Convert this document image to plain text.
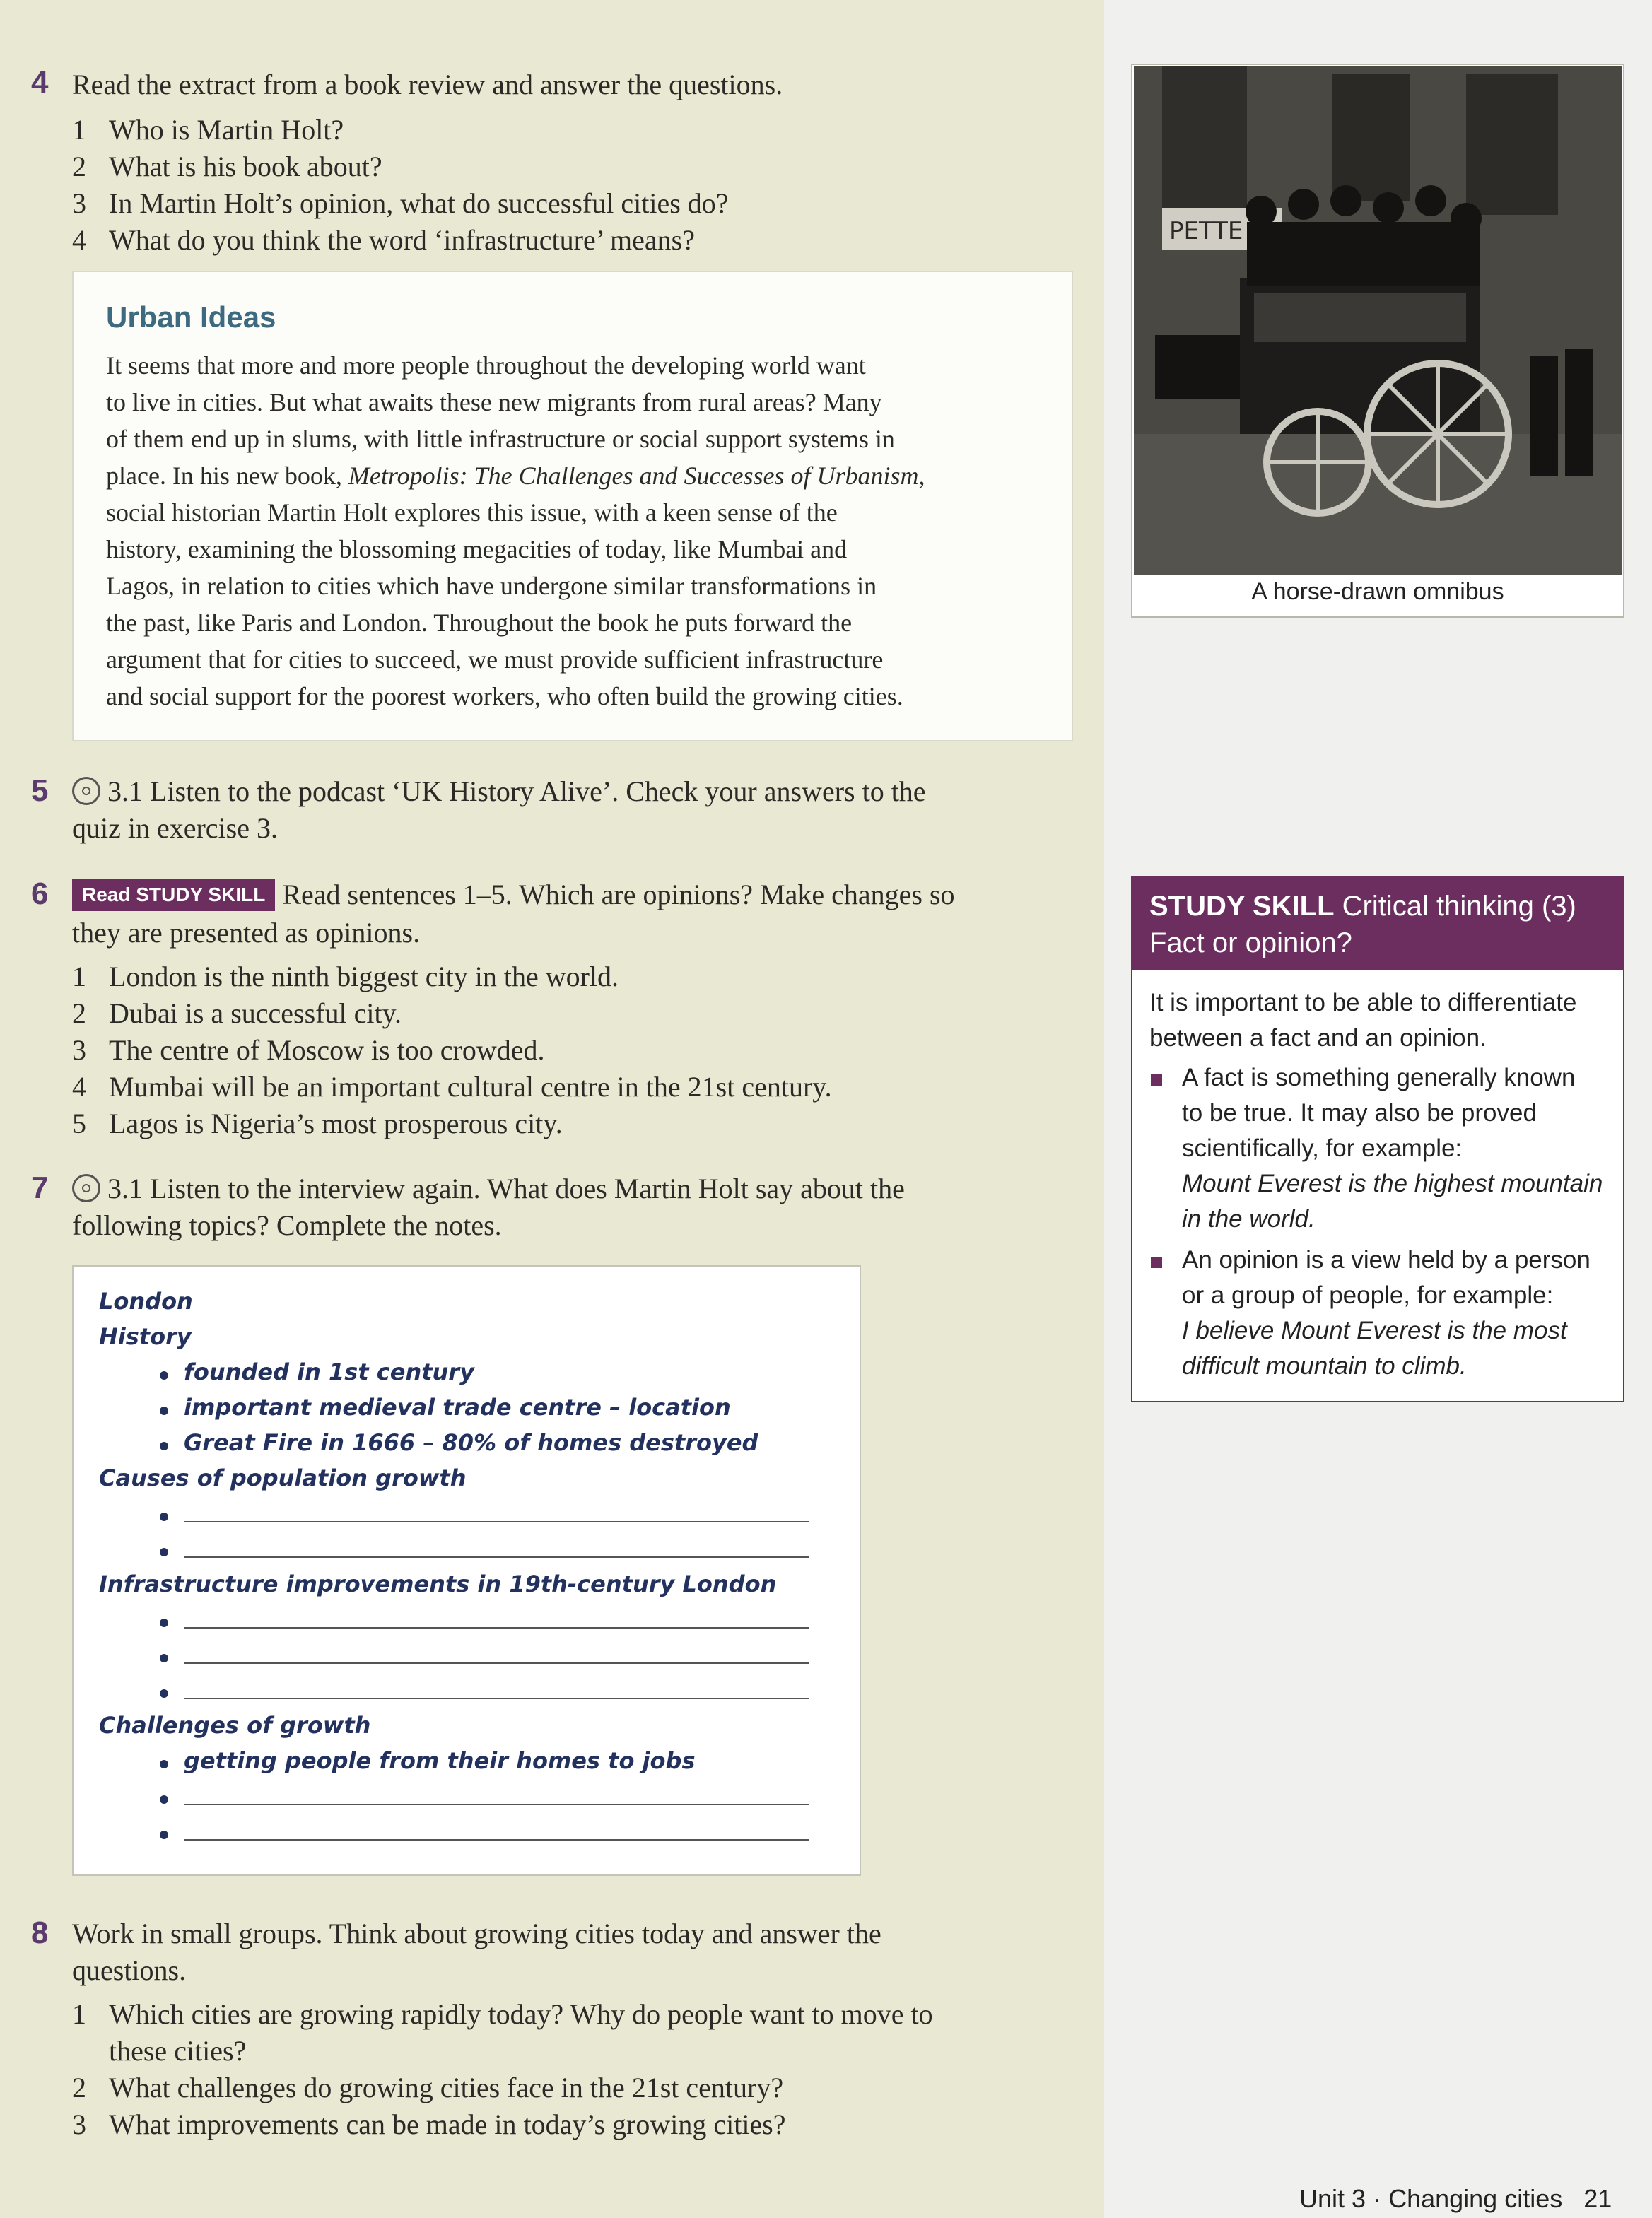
4 Read the extract from a book review and answer the questions.
1 Who is Martin Holt?
2 What is his book about?
3 In Martin Holt’s opinion, what do successful cities do?
4 What do you think the word ‘infrastructure’ means?
Urban Ideas
It seems that more and more people throughout the developing world want
to live in cities. But what awaits these new migrants from rural areas? Many
of them end up in slums, with little infrastructure or social support systems in
place. In his new book, Metropolis: The Challenges and Successes of Urbanism,
social historian Martin Holt explores this issue, with a keen sense of the
history, examining the blossoming megacities of today, like Mumbai and
Lagos, in relation to cities which have undergone similar transformations in
the past, like Paris and London. Throughout the book he puts forward the
argument that for cities to succeed, we must provide sufficient infrastructure
and social support for the poorest workers, who often build the growing cities.
PETTE
A horse-drawn omnibus
5	3.1 Listen to the podcast ‘UK History Alive’. Check your answers to the
quiz in exercise 3.
6	Read STUDY SKILL Read sentences 1–5. Which are opinions? Make changes so
they are presented as opinions.
1 London is the ninth biggest city in the world.
2 Dubai is a successful city.
3 The centre of Moscow is too crowded.
4 Mumbai will be an important cultural centre in the 21st century.
5 Lagos is Nigeria’s most prosperous city.
7	3.1 Listen to the interview again. What does Martin Holt say about the
following topics? Complete the notes.
London
History
founded in 1st century
important medieval trade centre – location
Great Fire in 1666 – 80% of homes destroyed
Causes of population growth
Infrastructure improvements in 19th-century London
Challenges of growth
getting people from their homes to jobs
STUDY SKILL Critical thinking (3)
Fact or opinion?
It is important to be able to differentiate
between a fact and an opinion.
A fact is something generally known
to be true. It may also be proved
scientifically, for example:
Mount Everest is the highest mountain
in the world.
An opinion is a view held by a person
or a group of people, for example:
I believe Mount Everest is the most
difficult mountain to climb.
8 Work in small groups. Think about growing cities today and answer the
questions.
1 Which cities are growing rapidly today? Why do people want to move to
these cities?
2 What challenges do growing cities face in the 21st century?
3 What improvements can be made in today’s growing cities?
Unit 3 · Changing cities 21
